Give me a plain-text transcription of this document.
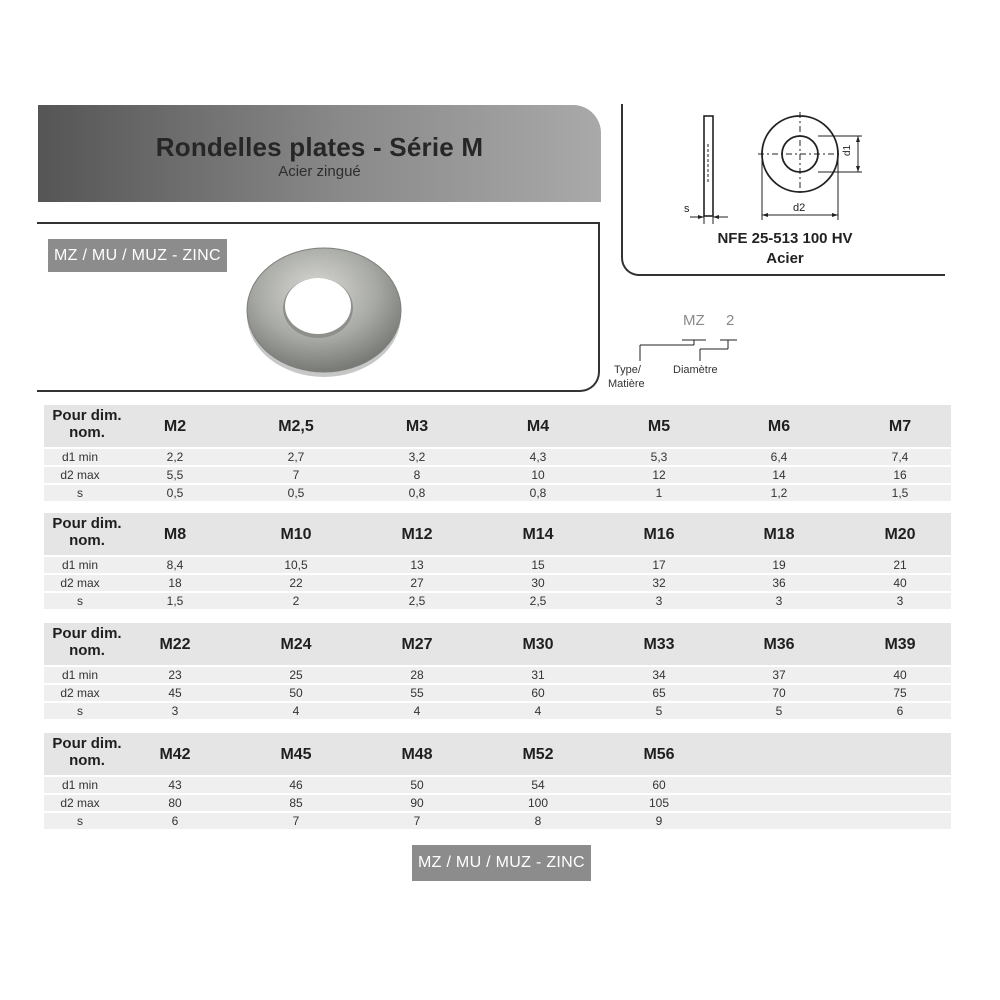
Rondelles plates - Série M
Acier zingué
MZ / MU / MUZ - ZINC
s
d1
d2
NFE 25-513 100 HV
Acier
MZ 2
Type/
Matière
Diamètre
Pour dim. nom.	M2	M2,5	M3	M4	M5	M6	M7
d1 min	2,2	2,7	3,2	4,3	5,3	6,4	7,4
d2 max	5,5	7	8	10	12	14	16
s	0,5	0,5	0,8	0,8	1	1,2	1,5
Pour dim. nom.	M8	M10	M12	M14	M16	M18	M20
d1 min	8,4	10,5	13	15	17	19	21
d2 max	18	22	27	30	32	36	40
s	1,5	2	2,5	2,5	3	3	3
Pour dim. nom.	M22	M24	M27	M30	M33	M36	M39
d1 min	23	25	28	31	34	37	40
d2 max	45	50	55	60	65	70	75
s	3	4	4	4	5	5	6
Pour dim. nom.	M42	M45	M48	M52	M56
d1 min	43	46	50	54	60
d2 max	80	85	90	100	105
s	6	7	7	8	9
MZ / MU / MUZ - ZINC
